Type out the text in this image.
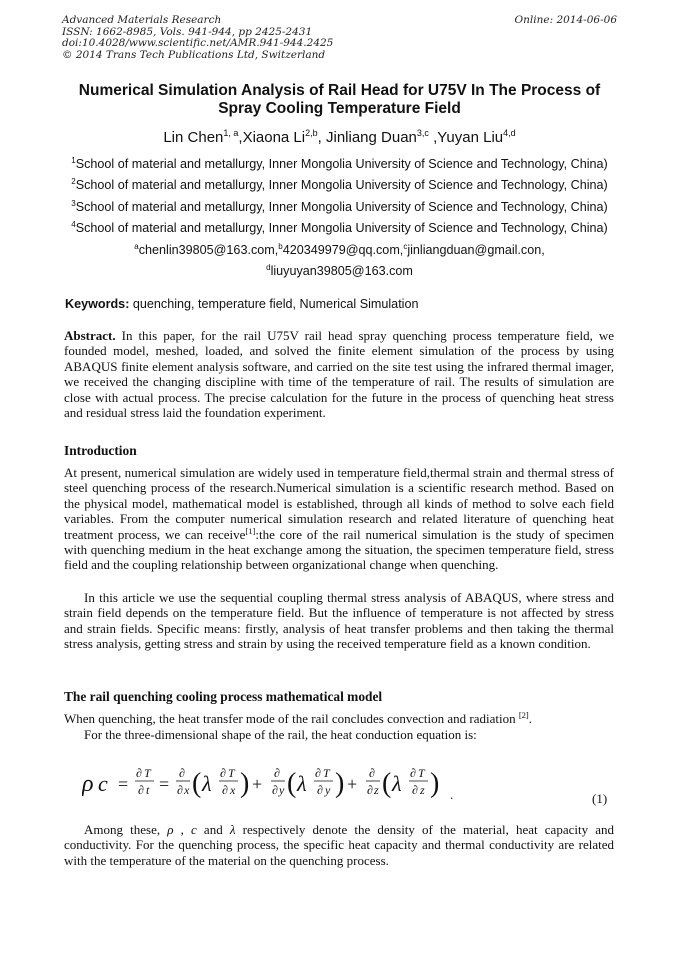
Advanced Materials Research
ISSN: 1662-8985, Vols. 941-944, pp 2425-2431
doi:10.4028/www.scientific.net/AMR.941-944.2425
© 2014 Trans Tech Publications Ltd, Switzerland
Online: 2014-06-06
Numerical Simulation Analysis of Rail Head for U75V In The Process of
Spray Cooling Temperature Field
Lin Chen$^{1, a}$,Xiaona Li$^{2,b}$, Jinliang Duan$^{3,c}$ ,Yuyan Liu$^{4,d}$
$^1$School of material and metallurgy, Inner Mongolia University of Science and Technology, China)
$^2$School of material and metallurgy, Inner Mongolia University of Science and Technology, China)
$^3$School of material and metallurgy, Inner Mongolia University of Science and Technology, China)
$^4$School of material and metallurgy, Inner Mongolia University of Science and Technology, China)
$^a$chenlin39805@163.com,$^b$420349979@qq.com,$^c$jinliangduan@gmail.con,
$^d$liuyuyan39805@163.com
Keywords: quenching, temperature field, Numerical Simulation
Abstract. In this paper, for the rail U75V rail head spray quenching process temperature field, we founded model, meshed, loaded, and solved the finite element simulation of the process by using ABAQUS finite element analysis software, and carried on the site test using the infrared thermal imager, we received the changing discipline with time of the temperature of rail. The results of simulation are close with actual process. The precise calculation for the future in the process of quenching heat stress and residual stress laid the foundation experiment.
Introduction
At present, numerical simulation are widely used in temperature field,thermal strain and thermal stress of steel quenching process of the research.Numerical simulation is a scientific research method. Based on the physical model, mathematical model is established, through all kinds of method to solve each field variables. From the computer numerical simulation research and related literature of quenching heat treatment process, we can receive[1]:the core of the rail numerical simulation is the study of specimen with quenching medium in the heat exchange among the situation, the specimen temperature field, stress field and the coupling relationship between organizational change when quenching.
In this article we use the sequential coupling thermal stress analysis of ABAQUS, where stress and strain field depends on the temperature field. But the influence of temperature is not affected by stress and strain fields. Specific means: firstly, analysis of heat transfer problems and then taking the thermal stress analysis, getting stress and strain by using the received temperature field as a known condition.
The rail quenching cooling process mathematical model
When quenching, the heat transfer mode of the rail concludes convection and radiation [2].
For the three-dimensional shape of the rail, the heat conduction equation is:
ρ c =
∂ T
∂ t =
∂
∂ x ( λ ∂ T
∂ x ) +
∂
∂ y ( λ ∂ T
∂ y ) +
∂
∂ z ( λ ∂ T
∂ z ) .	(1)
Among these, ρ , c and λ respectively denote the density of the material, heat capacity and conductivity. For the quenching process, the specific heat capacity and thermal conductivity are related with the temperature of the material on the quenching process.
